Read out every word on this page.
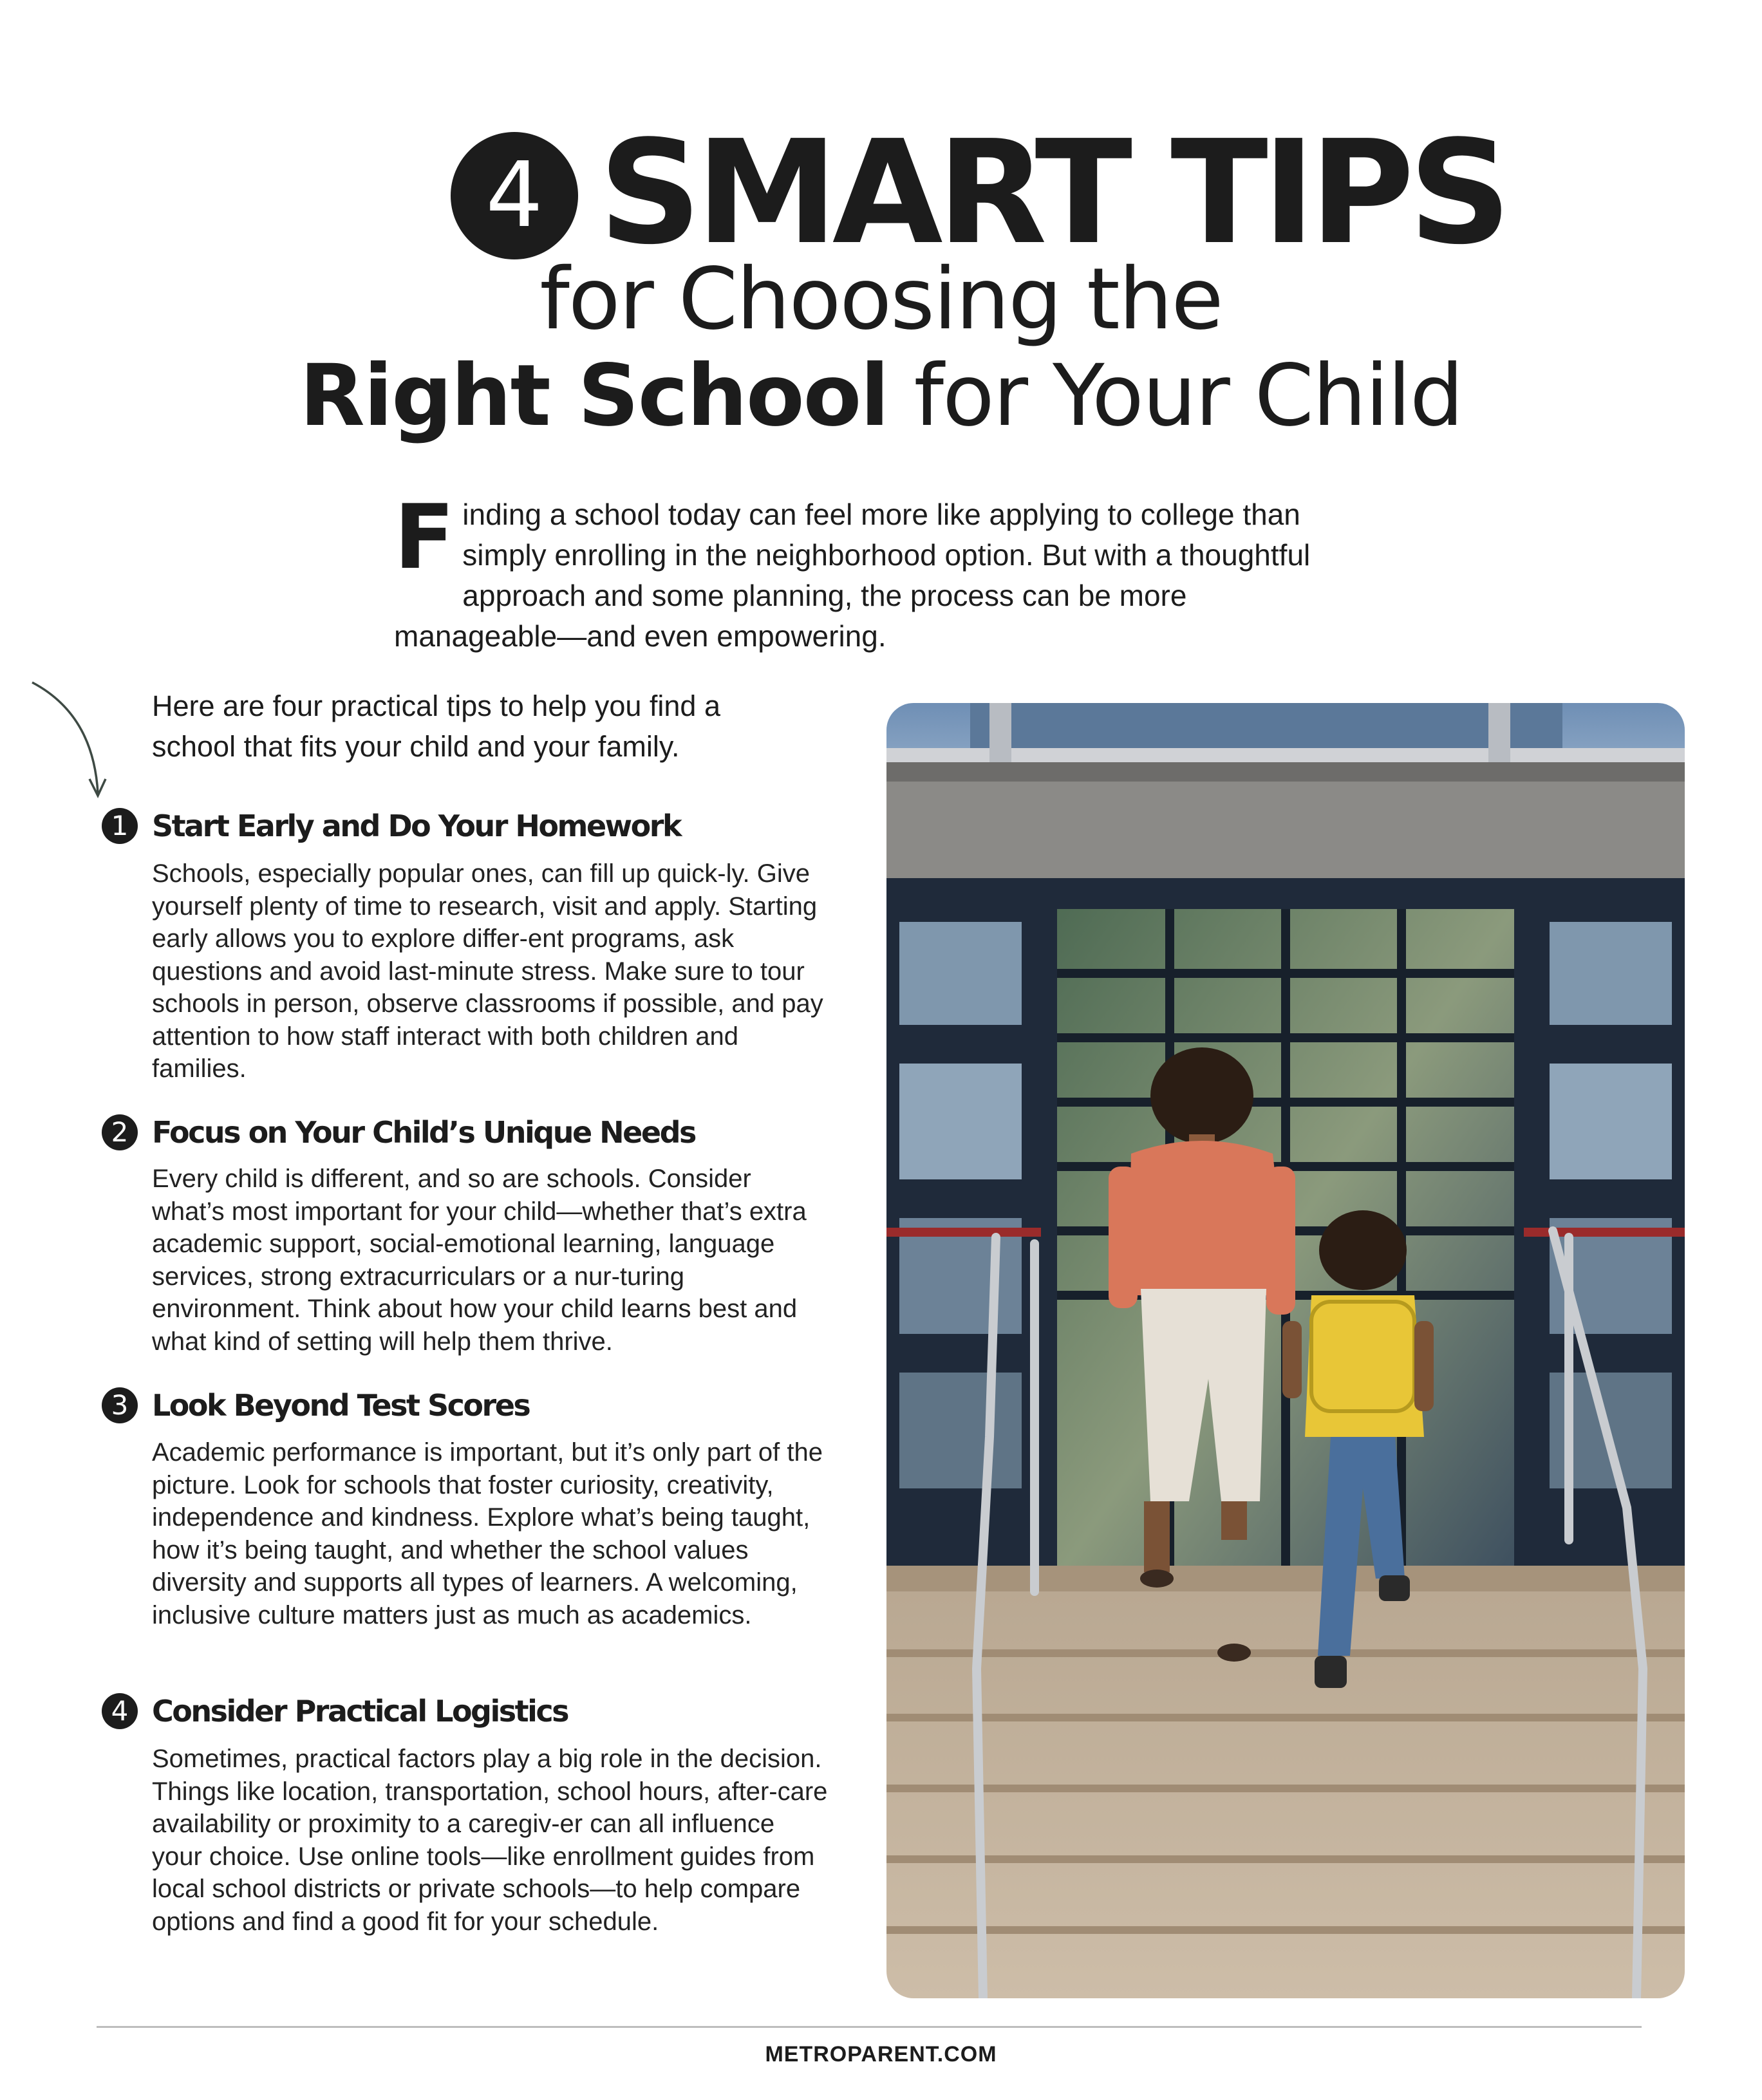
4 SMART TIPS
for Choosing the
Right School for Your Child
Finding a school today can feel more like applying to college than simply enrolling in the neighborhood option. But with a thoughtful approach and some planning, the process can be more manageable—and even empowering.
Here are four practical tips to help you find a school that fits your child and your family.
1 Start Early and Do Your Homework
Schools, especially popular ones, can fill up quick-ly. Give yourself plenty of time to research, visit and apply. Starting early allows you to explore differ-ent programs, ask questions and avoid last-minute stress. Make sure to tour schools in person, observe classrooms if possible, and pay attention to how staff interact with both children and families.
2 Focus on Your Child’s Unique Needs
Every child is different, and so are schools. Consider what’s most important for your child—whether that’s extra academic support, social-emotional learning, language services, strong extracurriculars or a nur-turing environment. Think about how your child learns best and what kind of setting will help them thrive.
3 Look Beyond Test Scores
Academic performance is important, but it’s only part of the picture. Look for schools that foster curiosity, creativity, independence and kindness. Explore what’s being taught, how it’s being taught, and whether the school values diversity and supports all types of learners. A welcoming, inclusive culture matters just as much as academics.
4 Consider Practical Logistics
Sometimes, practical factors play a big role in the decision. Things like location, transportation, school hours, after-care availability or proximity to a caregiv-er can all influence your choice. Use online tools—like enrollment guides from local school districts or private schools—to help compare options and find a good fit for your schedule.
METROPARENT.COM
